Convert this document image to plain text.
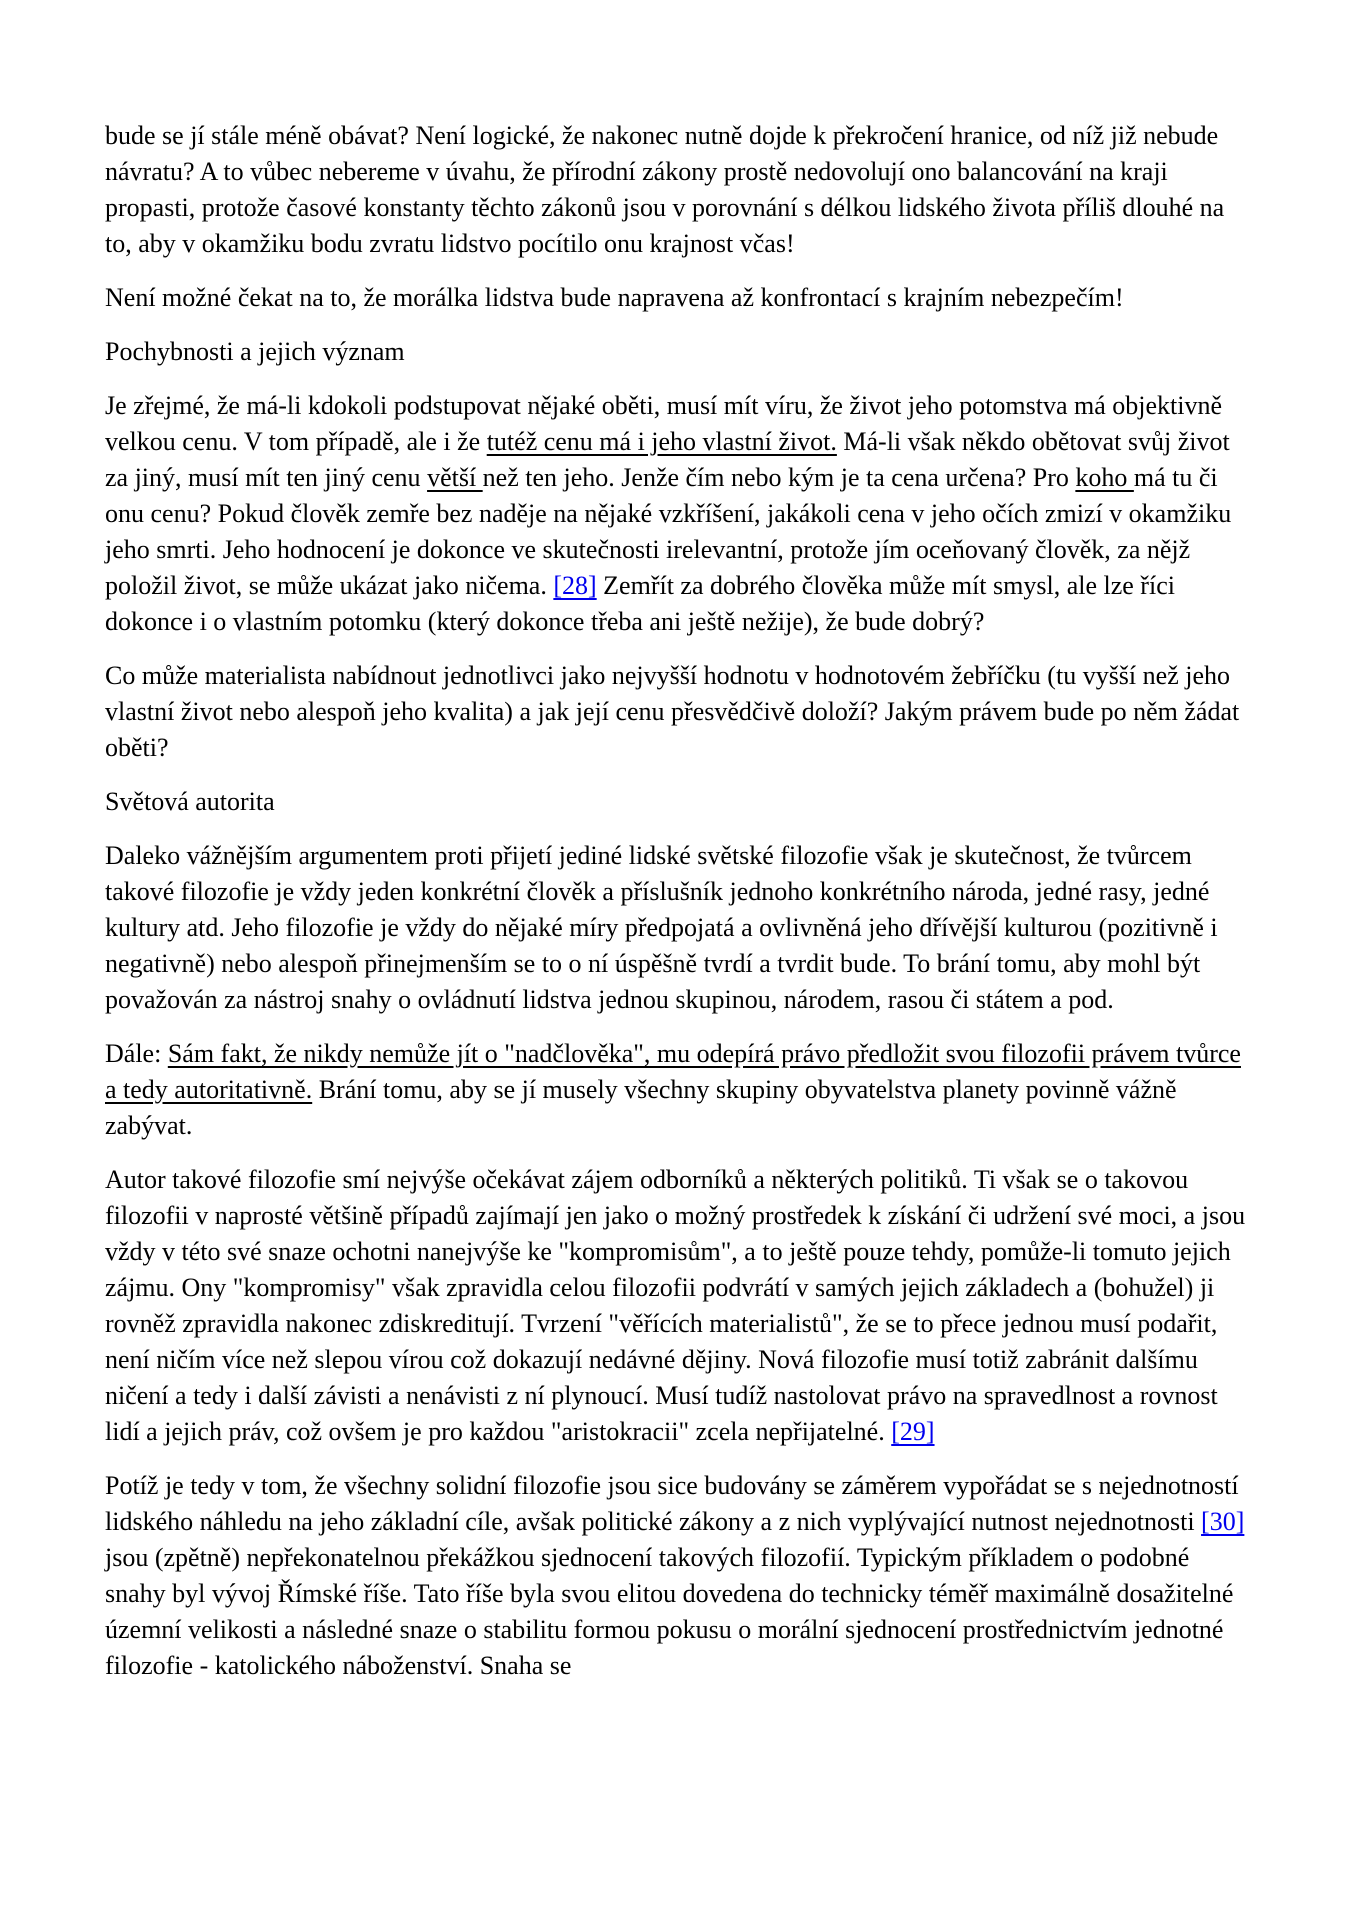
bude se jí stále méně obávat? Není logické, že nakonec nutně dojde k překročení hranice, od níž již nebude návratu? A to vůbec nebereme v úvahu, že přírodní zákony prostě nedovolují ono balancování na kraji propasti, protože časové konstanty těchto zákonů jsou v porovnání s délkou lidského života příliš dlouhé na to, aby v okamžiku bodu zvratu lidstvo pocítilo onu krajnost včas!

Není možné čekat na to, že morálka lidstva bude napravena až konfrontací s krajním nebezpečím!

Pochybnosti a jejich význam

Je zřejmé, že má-li kdokoli podstupovat nějaké oběti, musí mít víru, že život jeho potomstva má objektivně velkou cenu. V tom případě, ale i že tutéž cenu má i jeho vlastní život. Má-li však někdo obětovat svůj život za jiný, musí mít ten jiný cenu větší než ten jeho. Jenže čím nebo kým je ta cena určena? Pro koho má tu či onu cenu? Pokud člověk zemře bez naděje na nějaké vzkříšení, jakákoli cena v jeho očích zmizí v okamžiku jeho smrti. Jeho hodnocení je dokonce ve skutečnosti irelevantní, protože jím oceňovaný člověk, za nějž položil život, se může ukázat jako ničema. [28] Zemřít za dobrého člověka může mít smysl, ale lze říci dokonce i o vlastním potomku (který dokonce třeba ani ještě nežije), že bude dobrý?

Co může materialista nabídnout jednotlivci jako nejvyšší hodnotu v hodnotovém žebříčku (tu vyšší než jeho vlastní život nebo alespoň jeho kvalita) a jak její cenu přesvědčivě doloží? Jakým právem bude po něm žádat oběti?

Světová autorita

Daleko vážnějším argumentem proti přijetí jediné lidské světské filozofie však je skutečnost, že tvůrcem takové filozofie je vždy jeden konkrétní člověk a příslušník jednoho konkrétního národa, jedné rasy, jedné kultury atd. Jeho filozofie je vždy do nějaké míry předpojatá a ovlivněná jeho dřívější kulturou (pozitivně i negativně) nebo alespoň přinejmenším se to o ní úspěšně tvrdí a tvrdit bude. To brání tomu, aby mohl být považován za nástroj snahy o ovládnutí lidstva jednou skupinou, národem, rasou či státem a pod.

Dále: Sám fakt, že nikdy nemůže jít o "nadčlověka", mu odepírá právo předložit svou filozofii právem tvůrce a tedy autoritativně. Brání tomu, aby se jí musely všechny skupiny obyvatelstva planety povinně vážně zabývat.

Autor takové filozofie smí nejvýše očekávat zájem odborníků a některých politiků. Ti však se o takovou filozofii v naprosté většině případů zajímají jen jako o možný prostředek k získání či udržení své moci, a jsou vždy v této své snaze ochotni nanejvýše ke "kompromisům", a to ještě pouze tehdy, pomůže-li tomuto jejich zájmu. Ony "kompromisy" však zpravidla celou filozofii podvrátí v samých jejich základech a (bohužel) ji rovněž zpravidla nakonec zdiskreditují. Tvrzení "věřících materialistů", že se to přece jednou musí podařit, není ničím více než slepou vírou což dokazují nedávné dějiny. Nová filozofie musí totiž zabránit dalšímu ničení a tedy i další závisti a nenávisti z ní plynoucí. Musí tudíž nastolovat právo na spravedlnost a rovnost lidí a jejich práv, což ovšem je pro každou "aristokracii" zcela nepřijatelné. [29]

Potíž je tedy v tom, že všechny solidní filozofie jsou sice budovány se záměrem vypořádat se s nejednotností lidského náhledu na jeho základní cíle, avšak politické zákony a z nich vyplývající nutnost nejednotnosti [30] jsou (zpětně) nepřekonatelnou překážkou sjednocení takových filozofií. Typickým příkladem o podobné snahy byl vývoj Římské říše. Tato říše byla svou elitou dovedena do technicky téměř maximálně dosažitelné územní velikosti a následné snaze o stabilitu formou pokusu o morální sjednocení prostřednictvím jednotné filozofie - katolického náboženství. Snaha se
